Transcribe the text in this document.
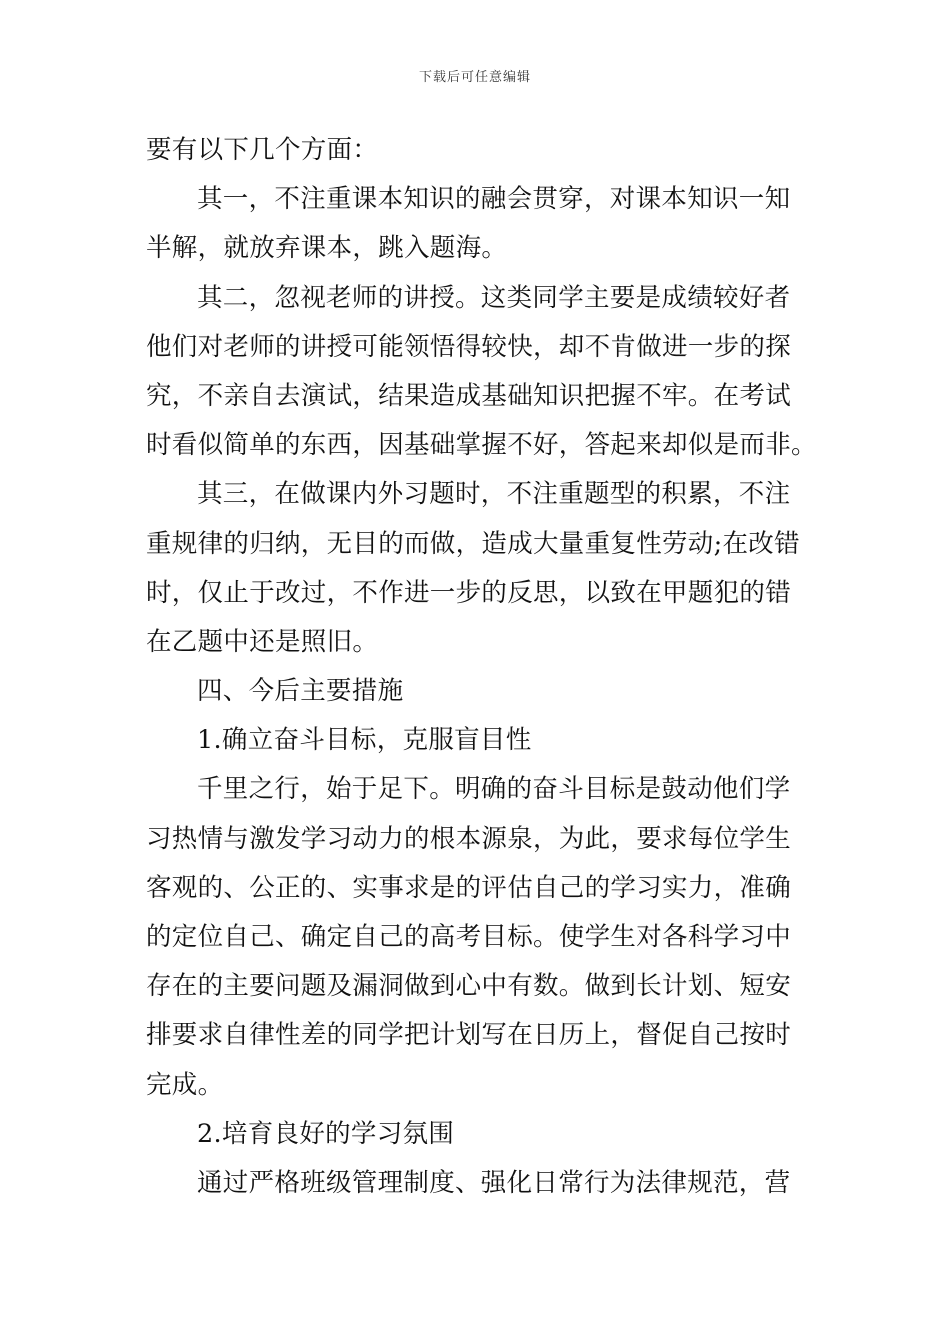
下载后可任意编辑
要有以下几个方面：
其一，不注重课本知识的融会贯穿，对课本知识一知
半解，就放弃课本，跳入题海。
其二，忽视老师的讲授。这类同学主要是成绩较好者
他们对老师的讲授可能领悟得较快，却不肯做进一步的探
究，不亲自去演试，结果造成基础知识把握不牢。在考试
时看似简单的东西，因基础掌握不好，答起来却似是而非。
其三，在做课内外习题时，不注重题型的积累，不注
重规律的归纳，无目的而做，造成大量重复性劳动;在改错
时，仅止于改过，不作进一步的反思，以致在甲题犯的错
在乙题中还是照旧。
四、今后主要措施
1.确立奋斗目标，克服盲目性
千里之行，始于足下。明确的奋斗目标是鼓动他们学
习热情与激发学习动力的根本源泉，为此，要求每位学生
客观的、公正的、实事求是的评估自己的学习实力，准确
的定位自己、确定自己的高考目标。使学生对各科学习中
存在的主要问题及漏洞做到心中有数。做到长计划、短安
排要求自律性差的同学把计划写在日历上，督促自己按时
完成。
2.培育良好的学习氛围
通过严格班级管理制度、强化日常行为法律规范，营
